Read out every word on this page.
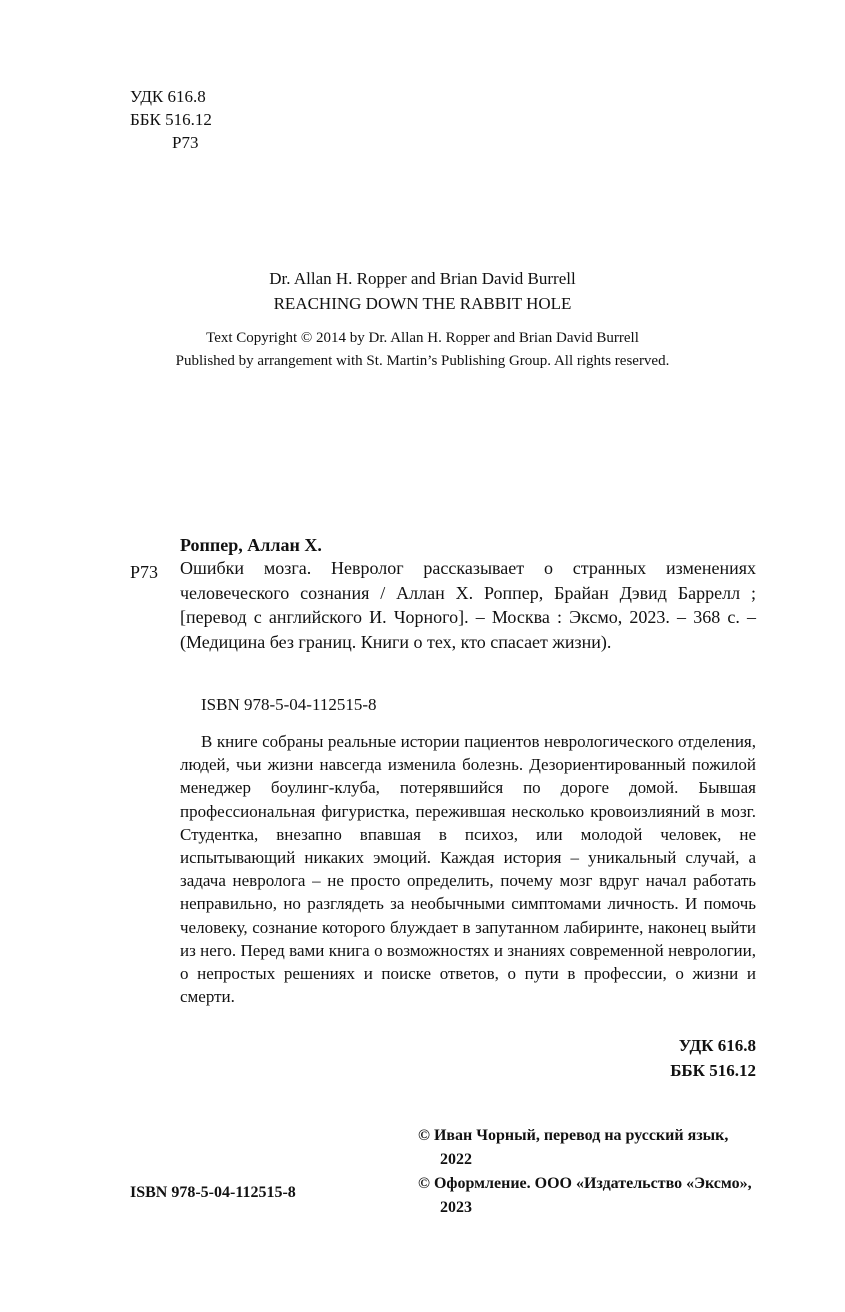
УДК 616.8
ББК 516.12
Р73
Dr. Allan H. Ropper and Brian David Burrell
REACHING DOWN THE RABBIT HOLE
Text Copyright © 2014 by Dr. Allan H. Ropper and Brian David Burrell
Published by arrangement with St. Martin’s Publishing Group. All rights reserved.
Роппер, Аллан Х.
Р73 Ошибки мозга. Невролог рассказывает о странных изменениях человеческого сознания / Аллан Х. Роппер, Брайан Дэвид Баррелл ; [перевод с английского И. Чорного]. – Москва : Эксмо, 2023. – 368 с. – (Медицина без границ. Книги о тех, кто спасает жизни).
ISBN 978-5-04-112515-8
В книге собраны реальные истории пациентов неврологического отделения, людей, чьи жизни навсегда изменила болезнь. Дезориентированный пожилой менеджер боулинг-клуба, потерявшийся по дороге домой. Бывшая профессиональная фигуристка, пережившая несколько кровоизлияний в мозг. Студентка, внезапно впавшая в психоз, или молодой человек, не испытывающий никаких эмоций. Каждая история – уникальный случай, а задача невролога – не просто определить, почему мозг вдруг начал работать неправильно, но разглядеть за необычными симптомами личность. И помочь человеку, сознание которого блуждает в запутанном лабиринте, наконец выйти из него. Перед вами книга о возможностях и знаниях современной неврологии, о непростых решениях и поиске ответов, о пути в профессии, о жизни и смерти.
УДК 616.8
ББК 516.12

© Иван Чорный, перевод на русский язык, 2022

© Оформление. ООО «Издательство «Эксмо», 2023

ISBN 978-5-04-112515-8
